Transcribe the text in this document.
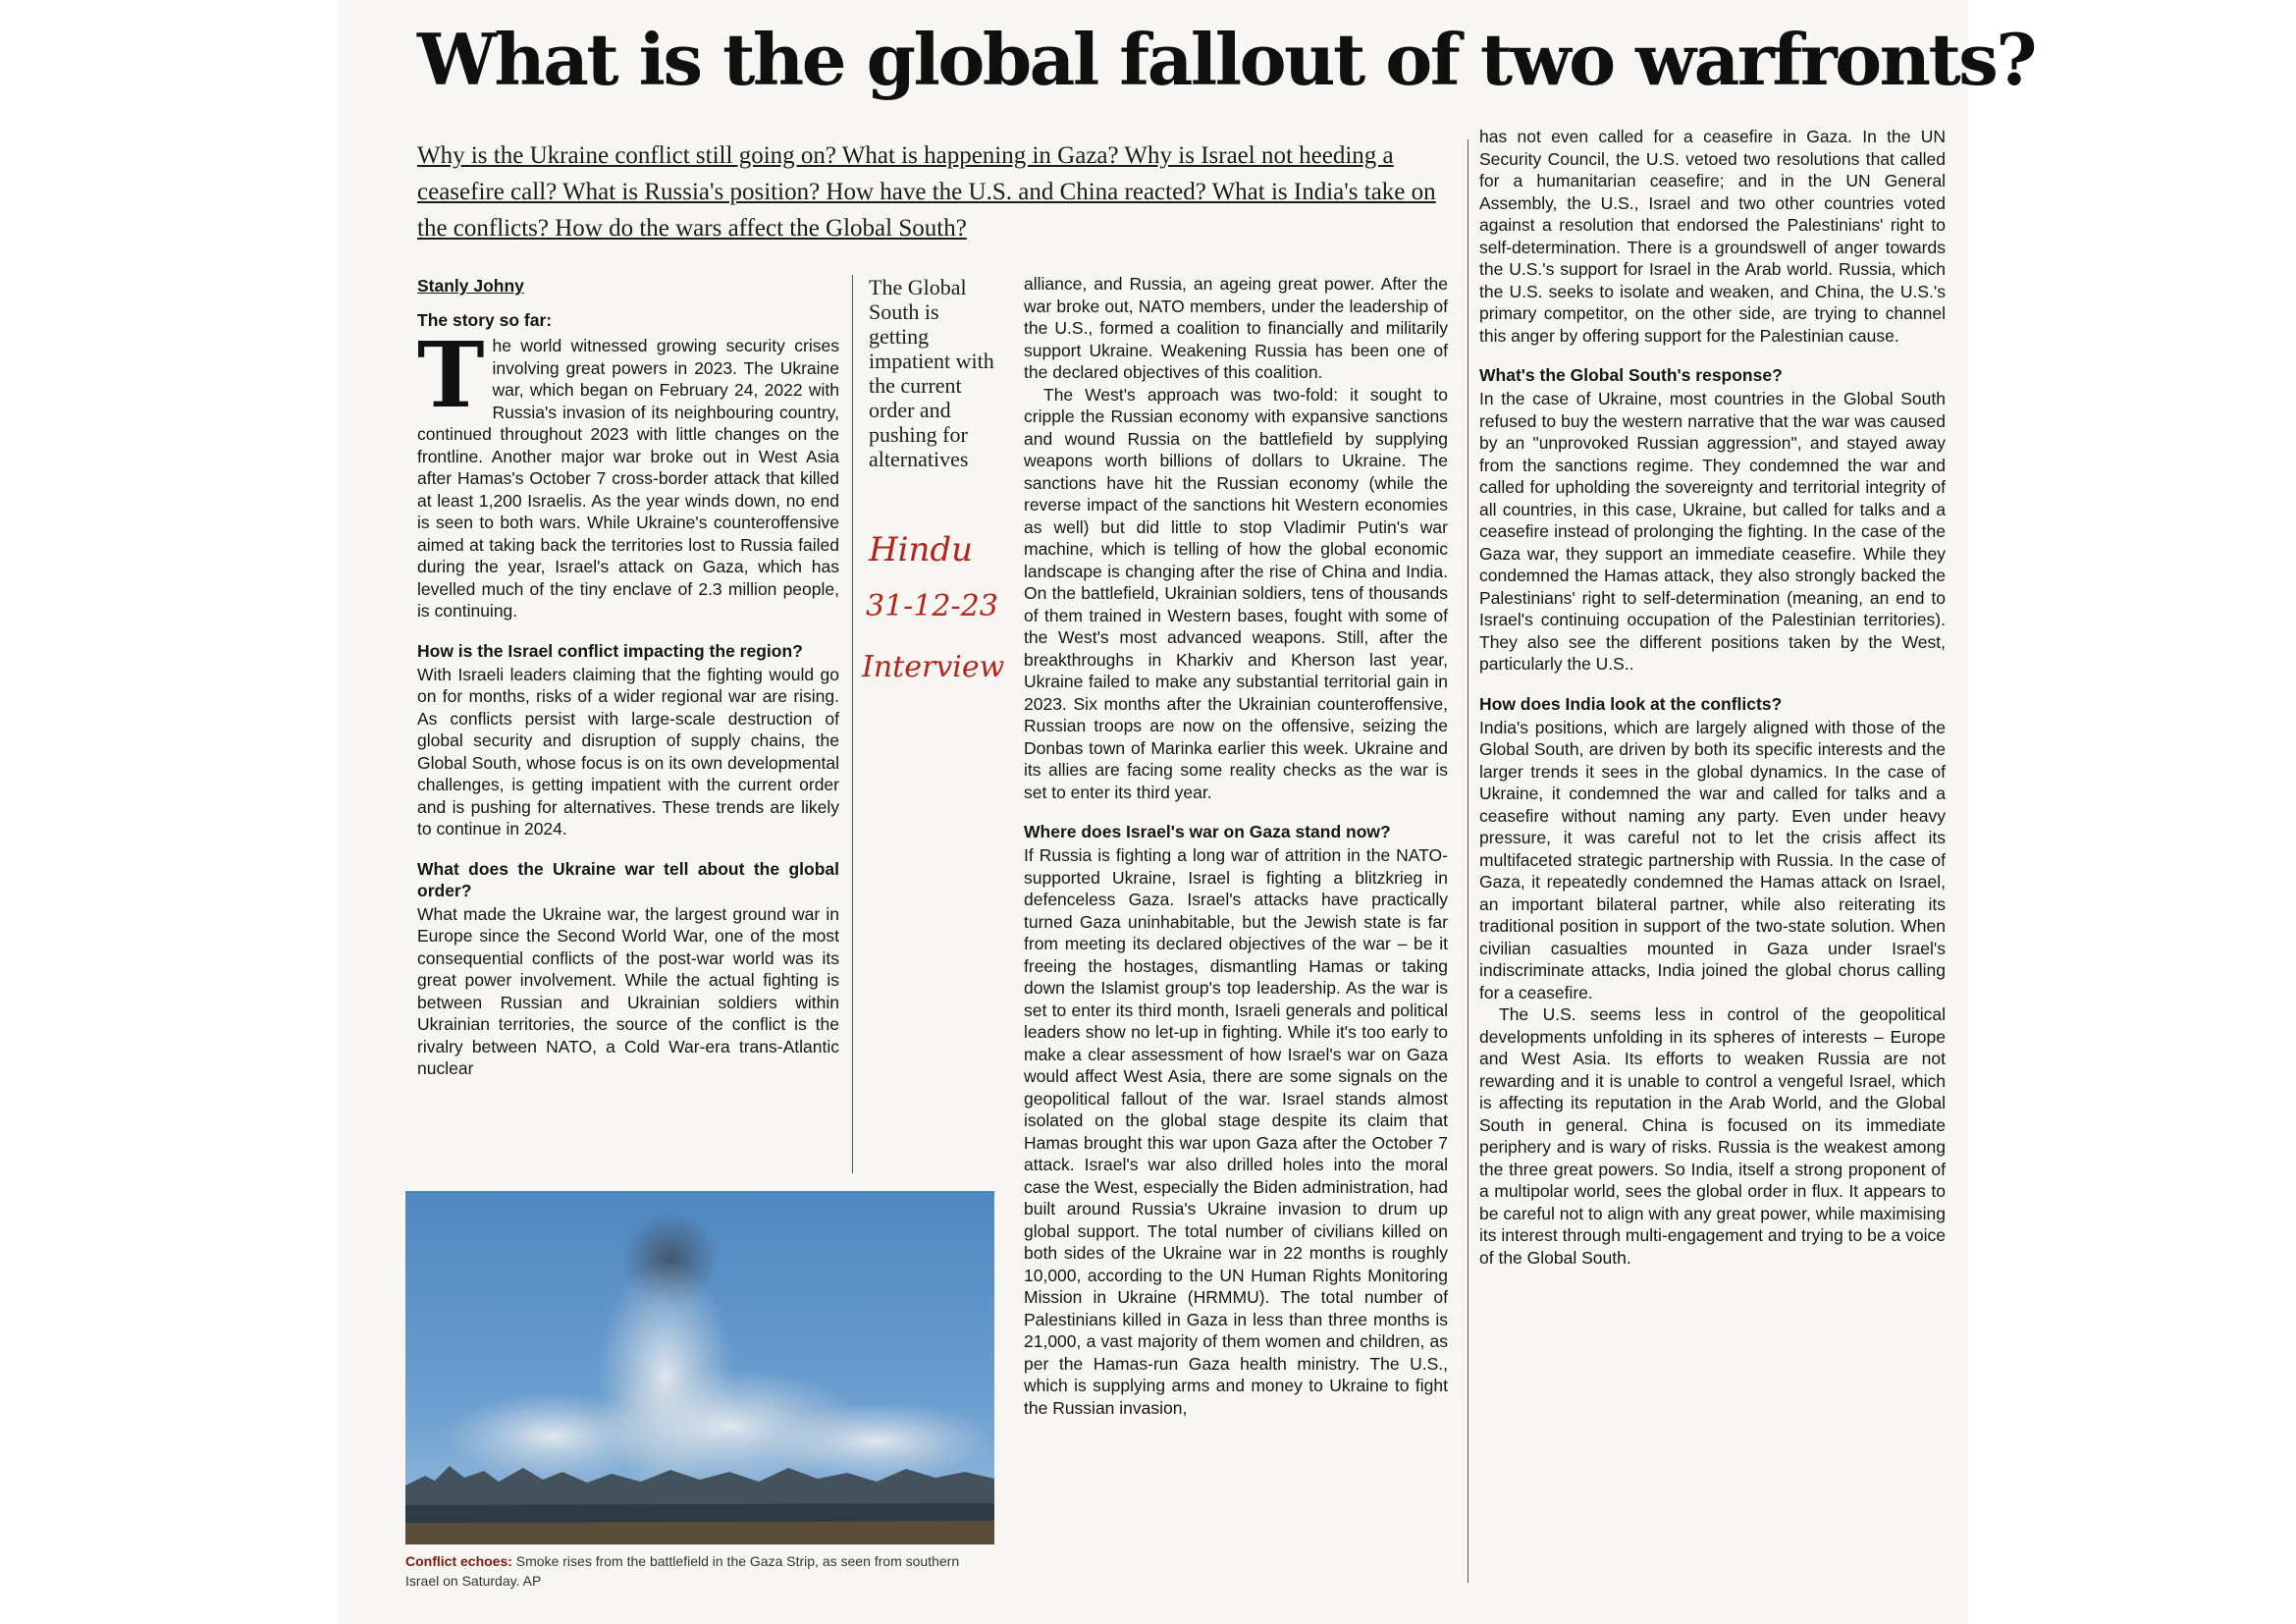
What is the global fallout of two warfronts?

Why is the Ukraine conflict still going on? What is happening in Gaza? Why is Israel not heeding a ceasefire call? What is Russia's position? How have the U.S. and China reacted? What is India's take on the conflicts? How do the wars affect the Global South?

Stanly Johny
The story so far:
T he world witnessed growing security crises involving great powers in 2023. The Ukraine war, which began on February 24, 2022 with Russia's invasion of its neighbouring country, continued throughout 2023 with little changes on the frontline. Another major war broke out in West Asia after Hamas's October 7 cross-border attack that killed at least 1,200 Israelis. As the year winds down, no end is seen to both wars. While Ukraine's counteroffensive aimed at taking back the territories lost to Russia failed during the year, Israel's attack on Gaza, which has levelled much of the tiny enclave of 2.3 million people, is continuing.

How is the Israel conflict impacting the region?

With Israeli leaders claiming that the fighting would go on for months, risks of a wider regional war are rising. As conflicts persist with large-scale destruction of global security and disruption of supply chains, the Global South, whose focus is on its own developmental challenges, is getting impatient with the current order and is pushing for alternatives. These trends are likely to continue in 2024.

What does the Ukraine war tell about the global order?

What made the Ukraine war, the largest ground war in Europe since the Second World War, one of the most consequential conflicts of the post-war world was its great power involvement. While the actual fighting is between Russian and Ukrainian soldiers within Ukrainian territories, the source of the conflict is the rivalry between NATO, a Cold War-era trans-Atlantic nuclear

The Global South is getting impatient with the current order and pushing for alternatives
Hindu
31-12-23
Interview

alliance, and Russia, an ageing great power. After the war broke out, NATO members, under the leadership of the U.S., formed a coalition to financially and militarily support Ukraine. Weakening Russia has been one of the declared objectives of this coalition.

The West's approach was two-fold: it sought to cripple the Russian economy with expansive sanctions and wound Russia on the battlefield by supplying weapons worth billions of dollars to Ukraine. The sanctions have hit the Russian economy (while the reverse impact of the sanctions hit Western economies as well) but did little to stop Vladimir Putin's war machine, which is telling of how the global economic landscape is changing after the rise of China and India. On the battlefield, Ukrainian soldiers, tens of thousands of them trained in Western bases, fought with some of the West's most advanced weapons. Still, after the breakthroughs in Kharkiv and Kherson last year, Ukraine failed to make any substantial territorial gain in 2023. Six months after the Ukrainian counteroffensive, Russian troops are now on the offensive, seizing the Donbas town of Marinka earlier this week. Ukraine and its allies are facing some reality checks as the war is set to enter its third year.

Where does Israel's war on Gaza stand now?

If Russia is fighting a long war of attrition in the NATO-supported Ukraine, Israel is fighting a blitzkrieg in defenceless Gaza. Israel's attacks have practically turned Gaza uninhabitable, but the Jewish state is far from meeting its declared objectives of the war – be it freeing the hostages, dismantling Hamas or taking down the Islamist group's top leadership. As the war is set to enter its third month, Israeli generals and political leaders show no let-up in fighting. While it's too early to make a clear assessment of how Israel's war on Gaza would affect West Asia, there are some signals on the geopolitical fallout of the war. Israel stands almost isolated on the global stage despite its claim that Hamas brought this war upon Gaza after the October 7 attack. Israel's war also drilled holes into the moral case the West, especially the Biden administration, had built around Russia's Ukraine invasion to drum up global support. The total number of civilians killed on both sides of the Ukraine war in 22 months is roughly 10,000, according to the UN Human Rights Monitoring Mission in Ukraine (HRMMU). The total number of Palestinians killed in Gaza in less than three months is 21,000, a vast majority of them women and children, as per the Hamas-run Gaza health ministry. The U.S., which is supplying arms and money to Ukraine to fight the Russian invasion,

has not even called for a ceasefire in Gaza. In the UN Security Council, the U.S. vetoed two resolutions that called for a humanitarian ceasefire; and in the UN General Assembly, the U.S., Israel and two other countries voted against a resolution that endorsed the Palestinians' right to self-determination. There is a groundswell of anger towards the U.S.'s support for Israel in the Arab world. Russia, which the U.S. seeks to isolate and weaken, and China, the U.S.'s primary competitor, on the other side, are trying to channel this anger by offering support for the Palestinian cause.

What's the Global South's response?

In the case of Ukraine, most countries in the Global South refused to buy the western narrative that the war was caused by an "unprovoked Russian aggression", and stayed away from the sanctions regime. They condemned the war and called for upholding the sovereignty and territorial integrity of all countries, in this case, Ukraine, but called for talks and a ceasefire instead of prolonging the fighting. In the case of the Gaza war, they support an immediate ceasefire. While they condemned the Hamas attack, they also strongly backed the Palestinians' right to self-determination (meaning, an end to Israel's continuing occupation of the Palestinian territories). They also see the different positions taken by the West, particularly the U.S..

How does India look at the conflicts?

India's positions, which are largely aligned with those of the Global South, are driven by both its specific interests and the larger trends it sees in the global dynamics. In the case of Ukraine, it condemned the war and called for talks and a ceasefire without naming any party. Even under heavy pressure, it was careful not to let the crisis affect its multifaceted strategic partnership with Russia. In the case of Gaza, it repeatedly condemned the Hamas attack on Israel, an important bilateral partner, while also reiterating its traditional position in support of the two-state solution. When civilian casualties mounted in Gaza under Israel's indiscriminate attacks, India joined the global chorus calling for a ceasefire.

The U.S. seems less in control of the geopolitical developments unfolding in its spheres of interests – Europe and West Asia. Its efforts to weaken Russia are not rewarding and it is unable to control a vengeful Israel, which is affecting its reputation in the Arab World, and the Global South in general. China is focused on its immediate periphery and is wary of risks. Russia is the weakest among the three great powers. So India, itself a strong proponent of a multipolar world, sees the global order in flux. It appears to be careful not to align with any great power, while maximising its interest through multi-engagement and trying to be a voice of the Global South.

Conflict echoes: Smoke rises from the battlefield in the Gaza Strip, as seen from southern Israel on Saturday. AP
